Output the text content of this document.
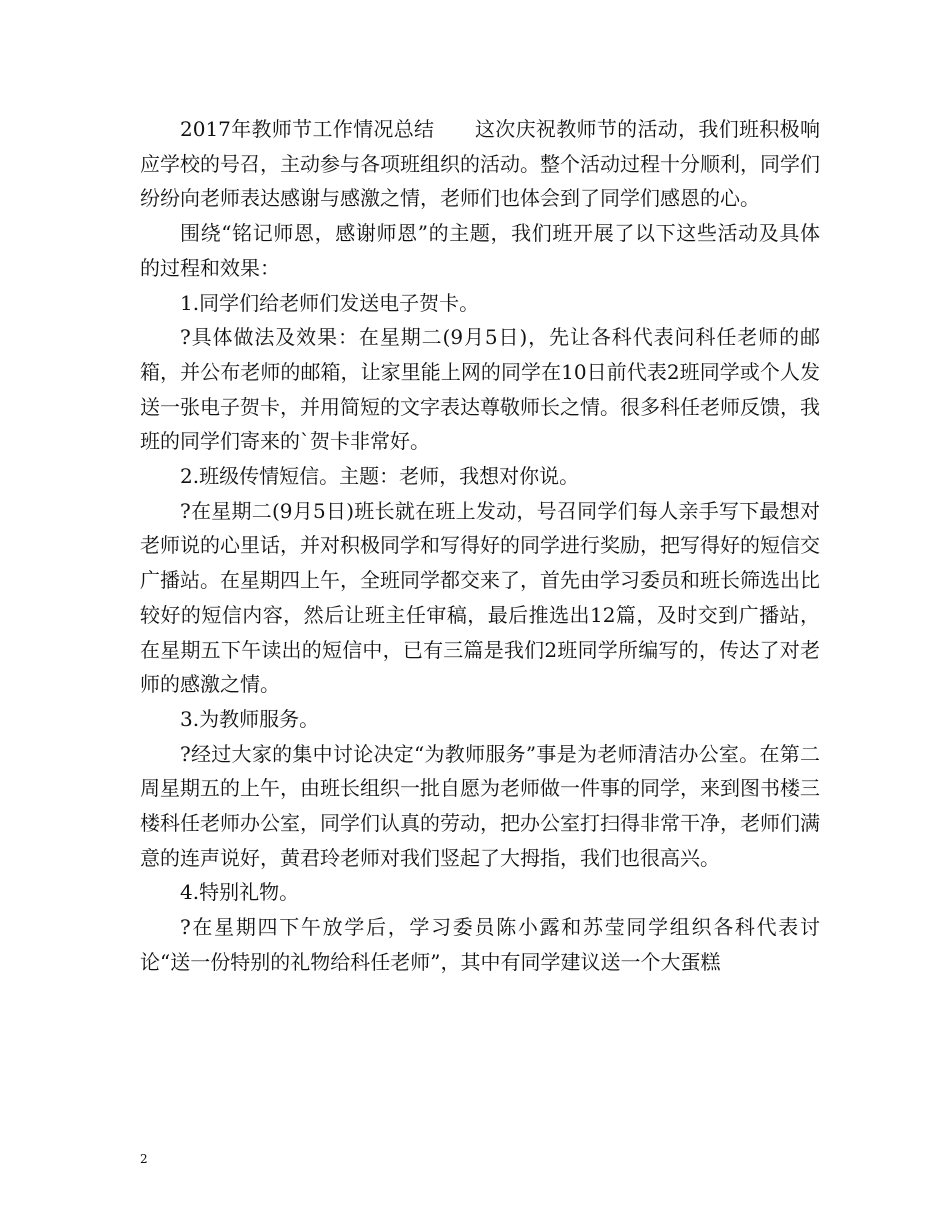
2017年教师节工作情况总结　　这次庆祝教师节的活动，我们班积极响应学校的号召，主动参与各项班组织的活动。整个活动过程十分顺利，同学们纷纷向老师表达感谢与感激之情，老师们也体会到了同学们感恩的心。

围绕“铭记师恩，感谢师恩”的主题，我们班开展了以下这些活动及具体的过程和效果：

1.同学们给老师们发送电子贺卡。

?具体做法及效果：在星期二(9月5日)，先让各科代表问科任老师的邮箱，并公布老师的邮箱，让家里能上网的同学在10日前代表2班同学或个人发送一张电子贺卡，并用简短的文字表达尊敬师长之情。很多科任老师反馈，我班的同学们寄来的`贺卡非常好。

2.班级传情短信。主题：老师，我想对你说。

?在星期二(9月5日)班长就在班上发动，号召同学们每人亲手写下最想对老师说的心里话，并对积极同学和写得好的同学进行奖励，把写得好的短信交广播站。在星期四上午，全班同学都交来了，首先由学习委员和班长筛选出比较好的短信内容，然后让班主任审稿，最后推选出12篇，及时交到广播站，在星期五下午读出的短信中，已有三篇是我们2班同学所编写的，传达了对老师的感激之情。

3.为教师服务。

?经过大家的集中讨论决定“为教师服务”事是为老师清洁办公室。在第二周星期五的上午，由班长组织一批自愿为老师做一件事的同学，来到图书楼三楼科任老师办公室，同学们认真的劳动，把办公室打扫得非常干净，老师们满意的连声说好，黄君玲老师对我们竖起了大拇指，我们也很高兴。

4.特别礼物。

?在星期四下午放学后，学习委员陈小露和苏莹同学组织各科代表讨论“送一份特别的礼物给科任老师”，其中有同学建议送一个大蛋糕

2
